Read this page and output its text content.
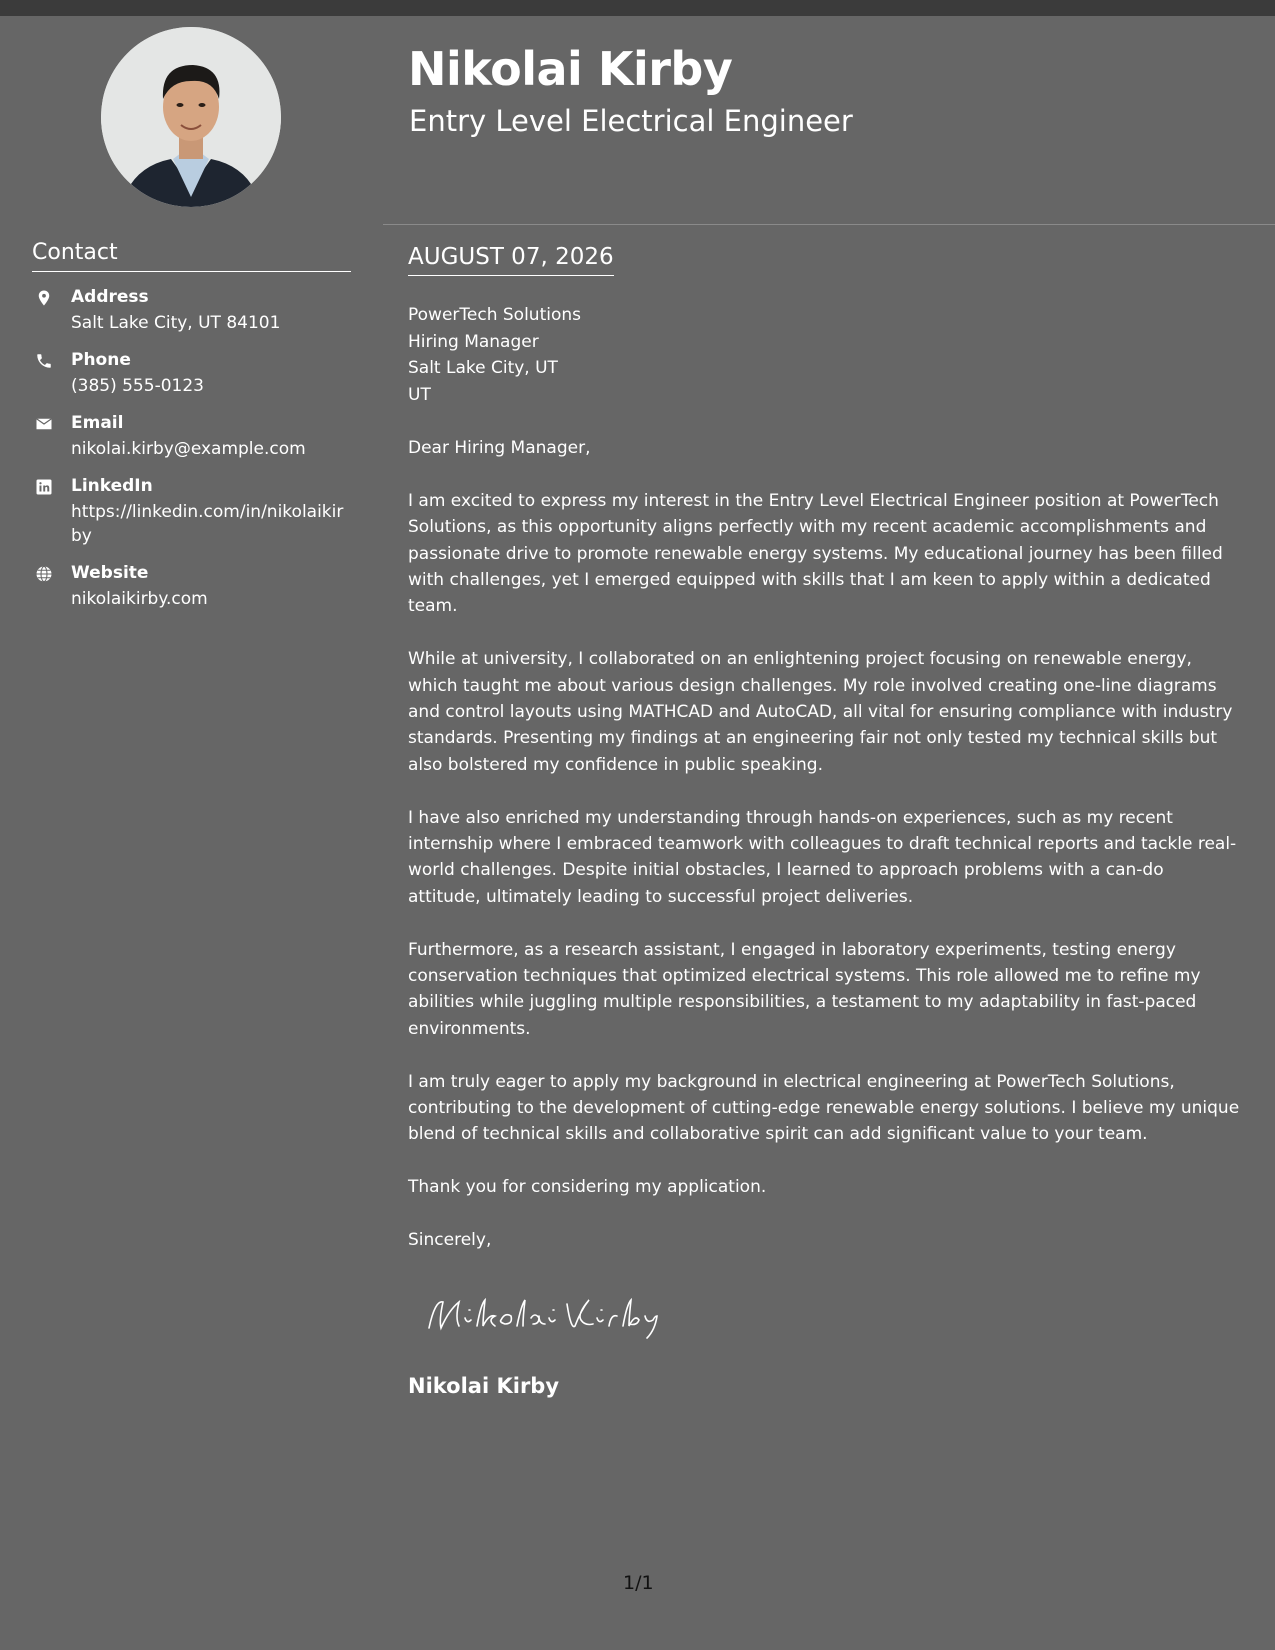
Nikolai Kirby
Entry Level Electrical Engineer
Contact
Address
Salt Lake City, UT 84101
Phone
(385) 555-0123
Email
nikolai.kirby@example.com
LinkedIn
https://linkedin.com/in/nikolaikirby
Website
nikolaikirby.com
AUGUST 07, 2026
PowerTech Solutions
Hiring Manager
Salt Lake City, UT
UT

Dear Hiring Manager,

I am excited to express my interest in the Entry Level Electrical Engineer position at PowerTech Solutions, as this opportunity aligns perfectly with my recent academic accomplishments and passionate drive to promote renewable energy systems. My educational journey has been filled with challenges, yet I emerged equipped with skills that I am keen to apply within a dedicated team.

While at university, I collaborated on an enlightening project focusing on renewable energy, which taught me about various design challenges. My role involved creating one-line diagrams and control layouts using MATHCAD and AutoCAD, all vital for ensuring compliance with industry standards. Presenting my findings at an engineering fair not only tested my technical skills but also bolstered my confidence in public speaking.

I have also enriched my understanding through hands-on experiences, such as my recent internship where I embraced teamwork with colleagues to draft technical reports and tackle real-world challenges. Despite initial obstacles, I learned to approach problems with a can-do attitude, ultimately leading to successful project deliveries.

Furthermore, as a research assistant, I engaged in laboratory experiments, testing energy conservation techniques that optimized electrical systems. This role allowed me to refine my abilities while juggling multiple responsibilities, a testament to my adaptability in fast-paced environments.

I am truly eager to apply my background in electrical engineering at PowerTech Solutions, contributing to the development of cutting-edge renewable energy solutions. I believe my unique blend of technical skills and collaborative spirit can add significant value to your team.

Thank you for considering my application.

Sincerely,
Nikolai Kirby
1/1
